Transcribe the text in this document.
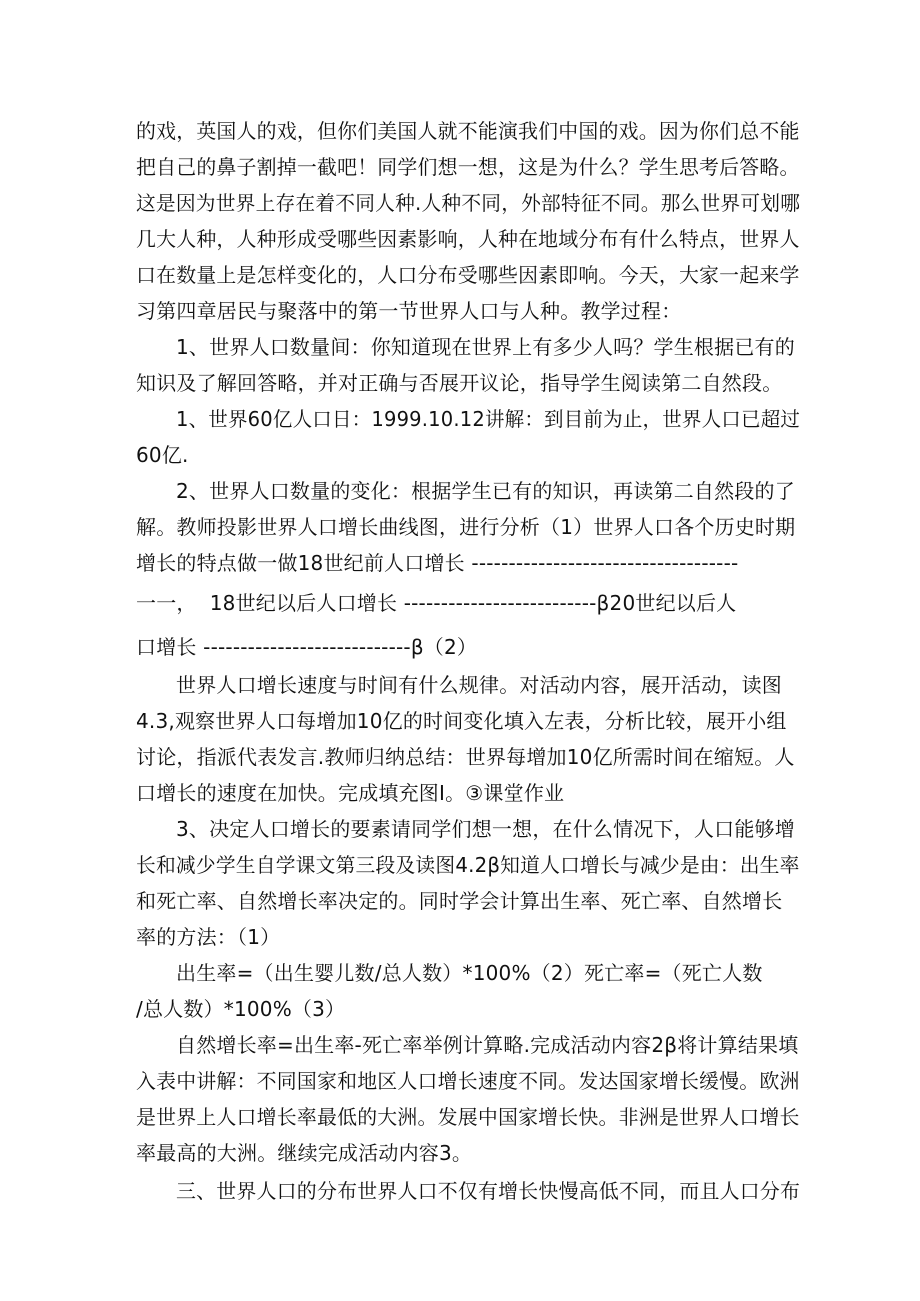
的戏，英国人的戏，但你们美国人就不能演我们中国的戏。因为你们总不能
把自己的鼻子割掉一截吧！同学们想一想，这是为什么？学生思考后答略。
这是因为世界上存在着不同人种.人种不同，外部特征不同。那么世界可划哪
几大人种，人种形成受哪些因素影响，人种在地域分布有什么特点，世界人
口在数量上是怎样变化的，人口分布受哪些因素即响。今天，大家一起来学
习第四章居民与聚落中的第一节世界人口与人种。教学过程：
1、世界人口数量间：你知道现在世界上有多少人吗？学生根据已有的
知识及了解回答略，并对正确与否展开议论，指导学生阅读第二自然段。
1、世界60亿人口日：1999.10.12讲解：到目前为止，世界人口已超过
60亿.
2、世界人口数量的变化：根据学生已有的知识，再读第二自然段的了
解。教师投影世界人口增长曲线图，进行分析（1）世界人口各个历史时期
增长的特点做一做18世纪前人口增长 ------------------------------------
一一，  18世纪以后人口增长 --------------------------β20世纪以后人
口增长 ----------------------------β（2）
世界人口增长速度与时间有什么规律。对活动内容，展开活动，读图
4.3,观察世界人口每增加10亿的时间变化填入左表，分析比较，展开小组
讨论，指派代表发言.教师归纳总结：世界每增加10亿所需时间在缩短。人
口增长的速度在加快。完成填充图I。③课堂作业
3、决定人口增长的要素请同学们想一想，在什么情况下，人口能够增
长和减少学生自学课文第三段及读图4.2β知道人口增长与减少是由：出生率
和死亡率、自然增长率决定的。同时学会计算出生率、死亡率、自然增长
率的方法：（1）
出生率=（出生婴儿数/总人数）*100%（2）死亡率=（死亡人数
/总人数）*100%（3）
自然增长率=出生率-死亡率举例计算略.完成活动内容2β将计算结果填
入表中讲解：不同国家和地区人口增长速度不同。发达国家增长缓慢。欧洲
是世界上人口增长率最低的大洲。发展中国家增长快。非洲是世界人口增长
率最高的大洲。继续完成活动内容3。
三、世界人口的分布世界人口不仅有增长快慢高低不同，而且人口分布
